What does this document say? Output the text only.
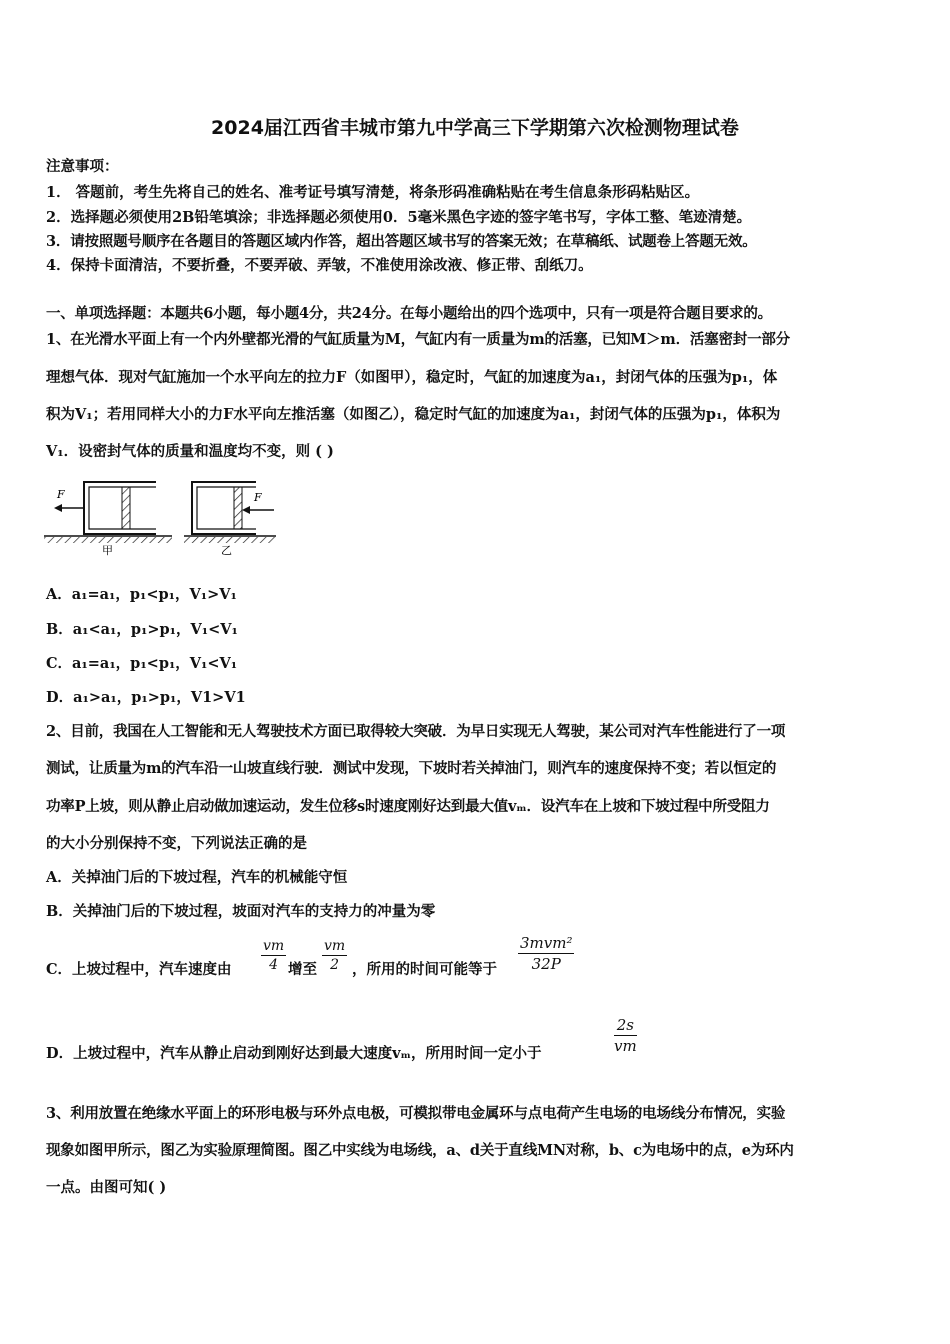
2024届江西省丰城市第九中学高三下学期第六次检测物理试卷
注意事项：
1． 答题前，考生先将自己的姓名、准考证号填写清楚，将条形码准确粘贴在考生信息条形码粘贴区。
2．选择题必须使用2B铅笔填涂；非选择题必须使用0．5毫米黑色字迹的签字笔书写，字体工整、笔迹清楚。
3．请按照题号顺序在各题目的答题区域内作答，超出答题区域书写的答案无效；在草稿纸、试题卷上答题无效。
4．保持卡面清洁，不要折叠，不要弄破、弄皱，不准使用涂改液、修正带、刮纸刀。
一、单项选择题：本题共6小题，每小题4分，共24分。在每小题给出的四个选项中，只有一项是符合题目要求的。
1、在光滑水平面上有一个内外壁都光滑的气缸质量为M，气缸内有一质量为m的活塞，已知M＞m．活塞密封一部分
理想气体．现对气缸施加一个水平向左的拉力F（如图甲），稳定时，气缸的加速度为a₁，封闭气体的压强为p₁，体
积为V₁；若用同样大小的力F水平向左推活塞（如图乙），稳定时气缸的加速度为a₁，封闭气体的压强为p₁，体积为
V₁．设密封气体的质量和温度均不变，则 ( )
F
甲
F
乙
A．a₁=a₁，p₁<p₁，V₁>V₁
B．a₁<a₁，p₁>p₁，V₁<V₁
C．a₁=a₁，p₁<p₁，V₁<V₁
D．a₁>a₁，p₁>p₁，V1>V1
2、目前，我国在人工智能和无人驾驶技术方面已取得较大突破．为早日实现无人驾驶，某公司对汽车性能进行了一项
测试，让质量为m的汽车沿一山坡直线行驶．测试中发现，下坡时若关掉油门，则汽车的速度保持不变；若以恒定的
功率P上坡，则从静止启动做加速运动，发生位移s时速度刚好达到最大值vₘ．设汽车在上坡和下坡过程中所受阻力
的大小分别保持不变，下列说法正确的是
A．关掉油门后的下坡过程，汽车的机械能守恒
B．关掉油门后的下坡过程，坡面对汽车的支持力的冲量为零
C．上坡过程中，汽车速度由 $\frac{vm}{4}$ 增至 $\frac{vm}{2}$ ，所用的时间可能等于
3mvm²
32P
D．上坡过程中，汽车从静止启动到刚好达到最大速度vₘ，所用时间一定小于	$\frac{2s}{vm}$
3、利用放置在绝缘水平面上的环形电极与环外点电极，可模拟带电金属环与点电荷产生电场的电场线分布情况，实验
现象如图甲所示，图乙为实验原理简图。图乙中实线为电场线，a、d关于直线MN对称，b、c为电场中的点，e为环内
一点。由图可知( )
